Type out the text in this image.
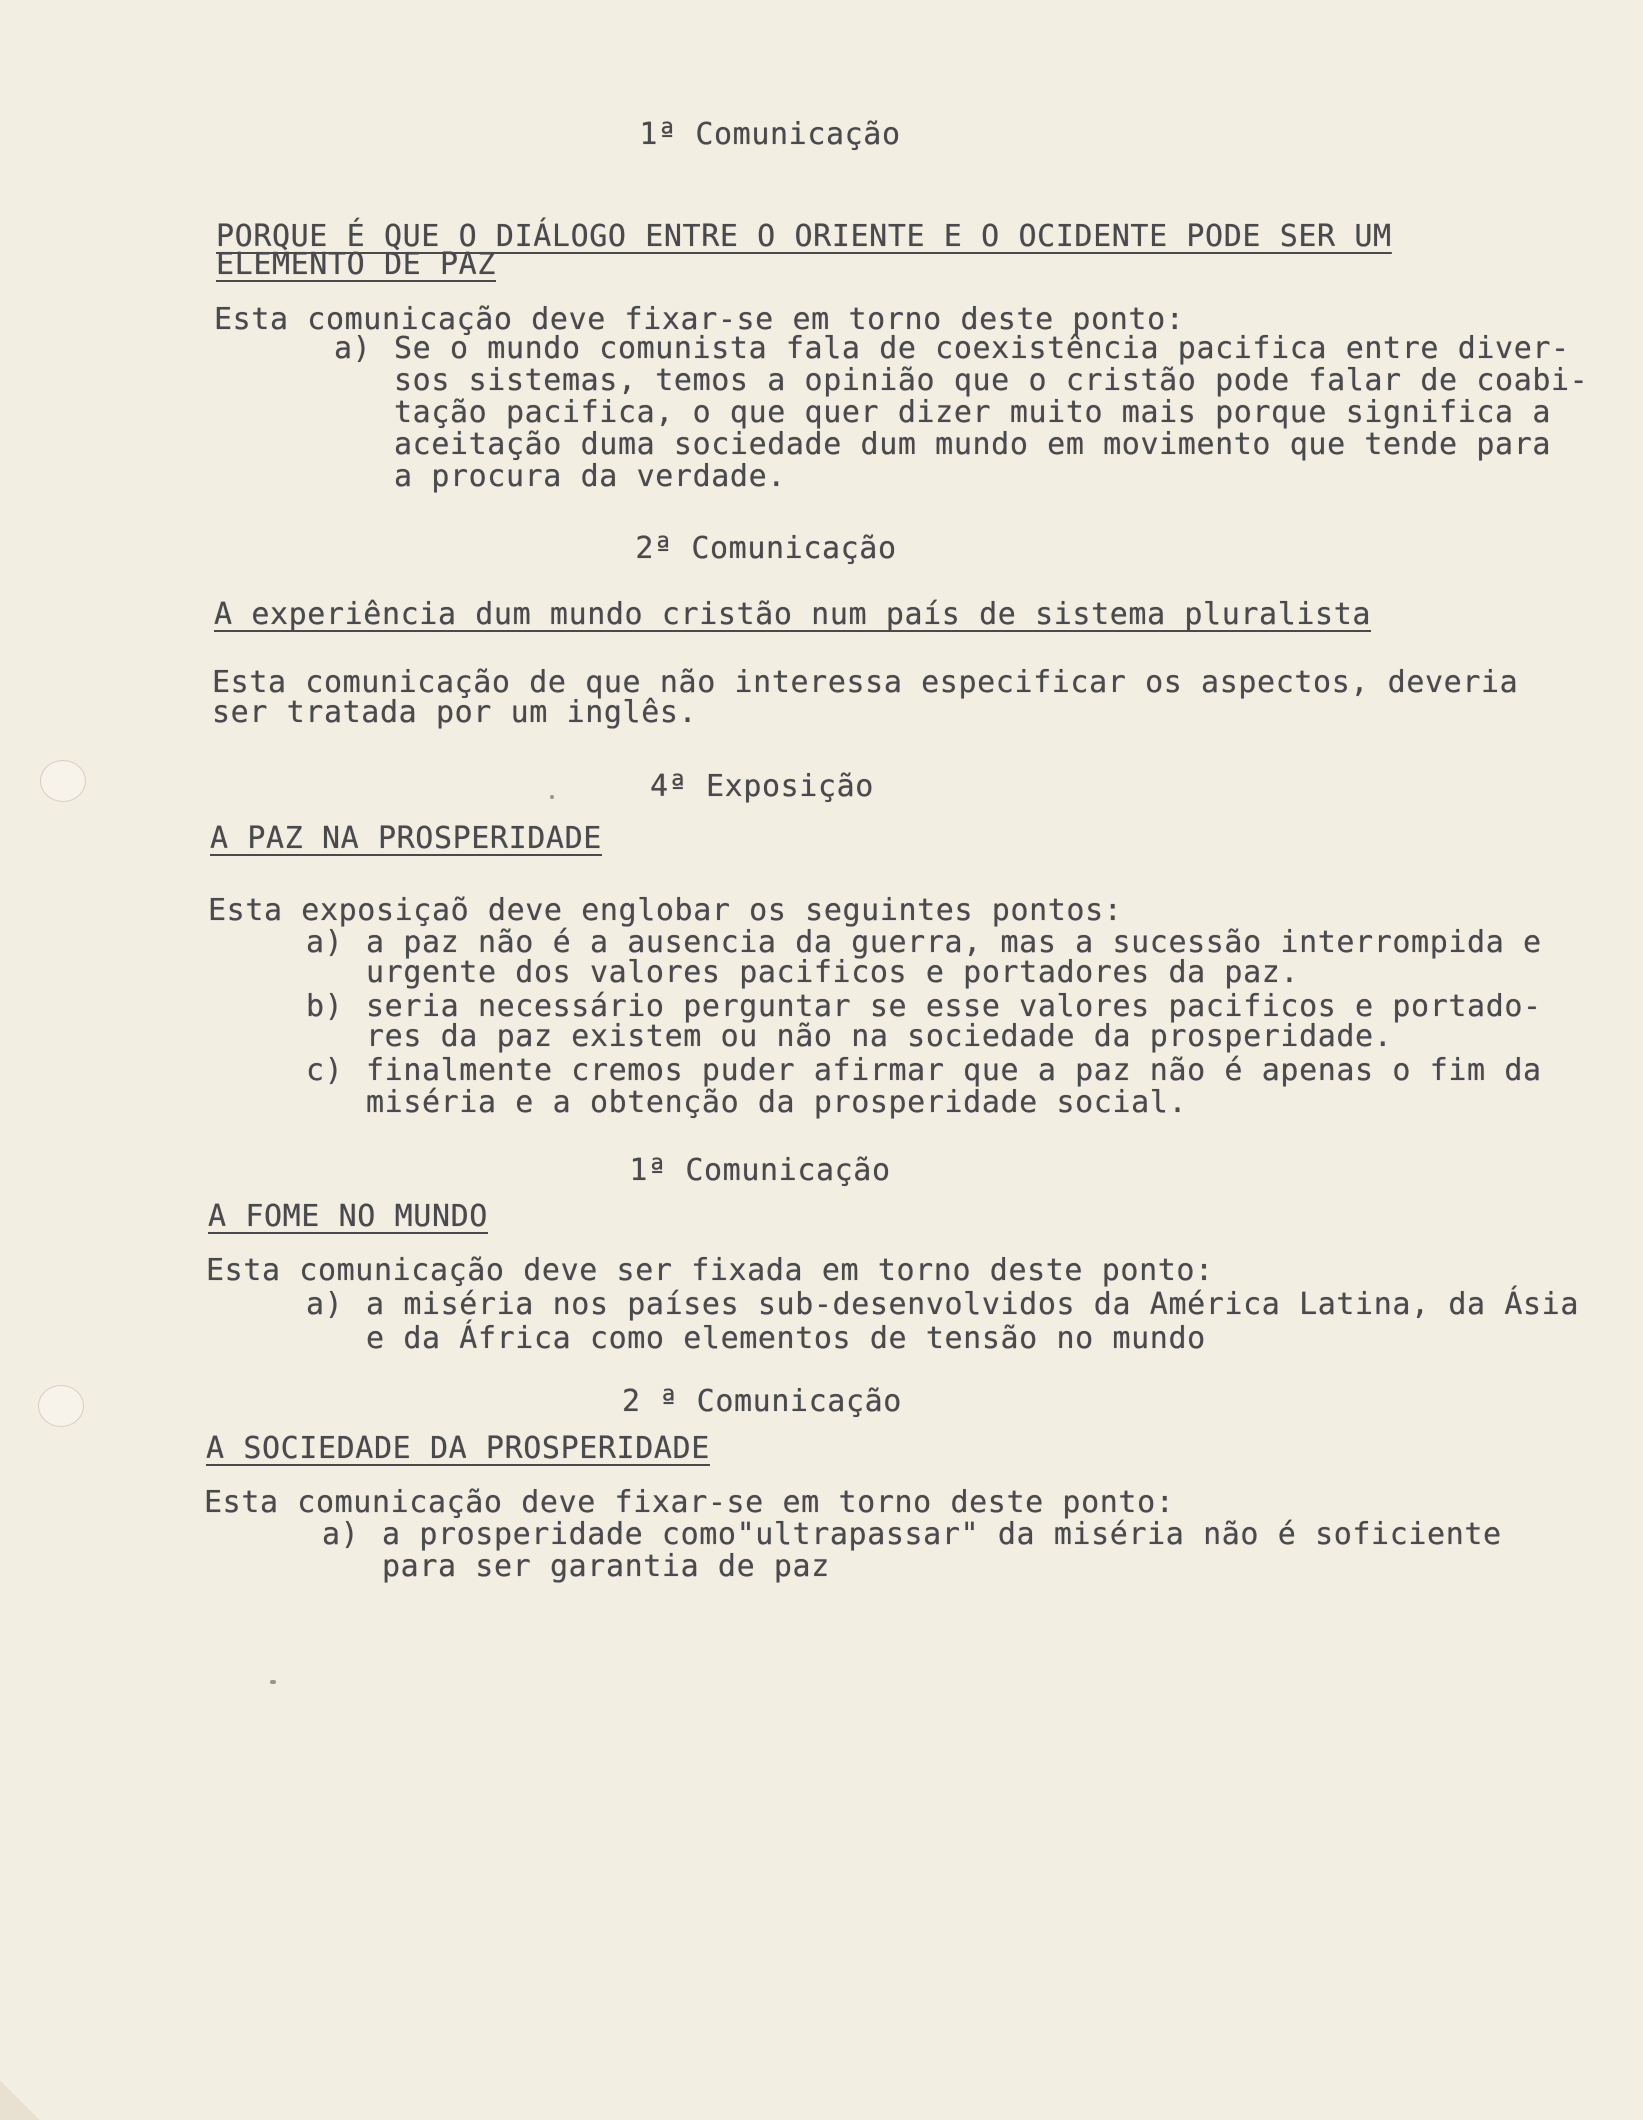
1ª Comunicação
PORQUE É QUE O DIÁLOGO ENTRE O ORIENTE E O OCIDENTE PODE SER UM
ELEMENTO DE PAZ
Esta comunicação deve fixar-se em torno deste ponto:
a) Se o mundo comunista fala de coexistência pacifica entre diver-
sos sistemas, temos a opinião que o cristão pode falar de coabi-
tação pacifica, o que quer dizer muito mais porque significa a
aceitação duma sociedade dum mundo em movimento que tende para
a procura da verdade.
2ª Comunicação
A experiência dum mundo cristão num país de sistema pluralista
Esta comunicação de que não interessa especificar os aspectos, deveria
ser tratada por um inglês.
4ª Exposição
A PAZ NA PROSPERIDADE
Esta exposiçaõ deve englobar os seguintes pontos:
a) a paz não é a ausencia da guerra, mas a sucessão interrompida e
urgente dos valores pacificos e portadores da paz.
b) seria necessário perguntar se esse valores pacificos e portado-
res da paz existem ou não na sociedade da prosperidade.
c) finalmente cremos puder afirmar que a paz não é apenas o fim da
miséria e a obtenção da prosperidade social.
1ª Comunicação
A FOME NO MUNDO
Esta comunicação deve ser fixada em torno deste ponto:
a) a miséria nos países sub-desenvolvidos da América Latina, da Ásia
e da África como elementos de tensão no mundo
2 ª Comunicação
A SOCIEDADE DA PROSPERIDADE
Esta comunicação deve fixar-se em torno deste ponto:
a) a prosperidade como"ultrapassar" da miséria não é soficiente
para ser garantia de paz
